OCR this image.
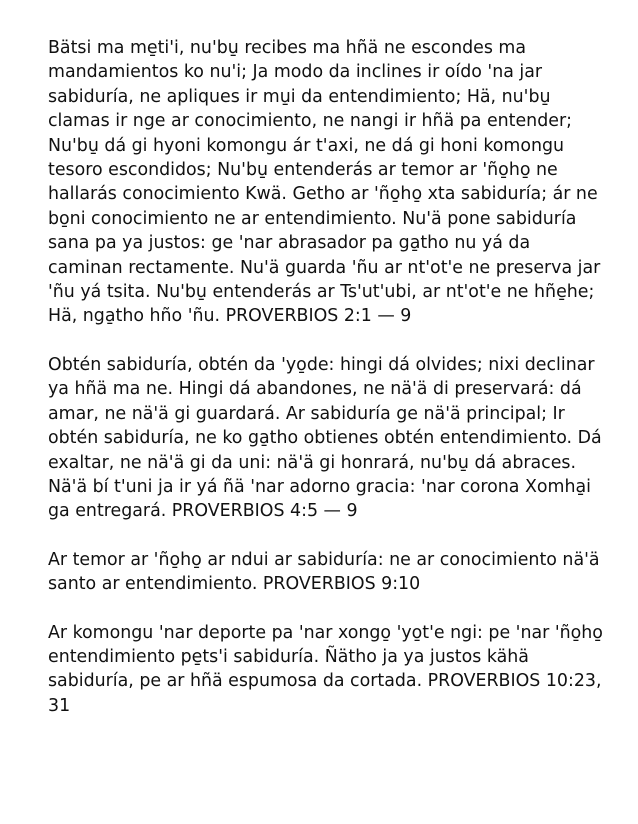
Bätsi ma me̱ti'i, nu'bu̱ recibes ma hñä ne escondes ma mandamientos ko nu'i; Ja modo da inclines ir oído 'na jar sabiduría, ne apliques ir mu̱i da entendimiento; Hä, nu'bu̱ clamas ir nge ar conocimiento, ne nangi ir hñä pa entender; Nu'bu̱ dá gi hyoni komongu ár t'axi, ne dá gi honi komongu tesoro escondidos; Nu'bu̱ entenderás ar temor ar 'ño̱ho̱ ne hallarás conocimiento Kwä. Getho ar 'ño̱ho̱ xta sabiduría; ár ne bo̱ni conocimiento ne ar entendimiento. Nu'ä pone sabiduría sana pa ya justos: ge 'nar abrasador pa ga̱tho nu yá da caminan rectamente. Nu'ä guarda 'ñu ar nt'ot'e ne preserva jar 'ñu yá tsita. Nu'bu̱ entenderás ar Ts'ut'ubi, ar nt'ot'e ne hñe̱he; Hä, nga̱tho hño 'ñu. PROVERBIOS 2:1 — 9

Obtén sabiduría, obtén da 'yo̱de: hingi dá olvides; nixi declinar ya hñä ma ne. Hingi dá abandones, ne nä'ä di preservará: dá amar, ne nä'ä gi guardará. Ar sabiduría ge nä'ä principal; Ir obtén sabiduría, ne ko ga̱tho obtienes obtén entendimiento. Dá exaltar, ne nä'ä gi da uni: nä'ä gi honrará, nu'bu̱ dá abraces. Nä'ä bí t'uni ja ir yá ñä 'nar adorno gracia: 'nar corona Xomha̱i ga entregará. PROVERBIOS 4:5 — 9

Ar temor ar 'ño̱ho̱ ar ndui ar sabiduría: ne ar conocimiento nä'ä santo ar entendimiento. PROVERBIOS 9:10

Ar komongu 'nar deporte pa 'nar xongo̱ 'yo̱t'e ngi: pe 'nar 'ño̱ho̱ entendimiento pe̱ts'i sabiduría. Ñätho ja ya justos kähä sabiduría, pe ar hñä espumosa da cortada. PROVERBIOS 10:23, 31
